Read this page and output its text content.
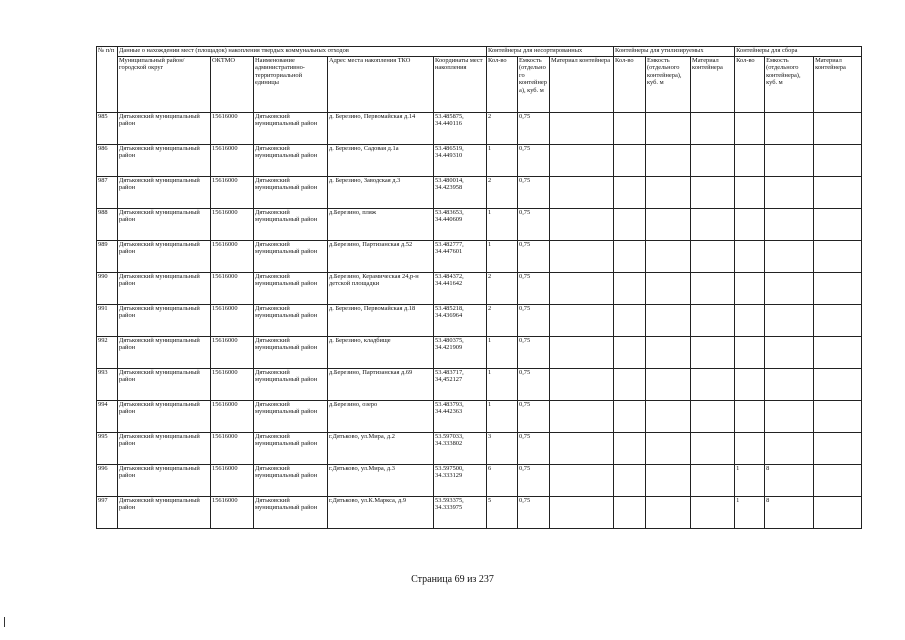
№ п/п	Данные о нахождении мест (площадок) накопления твердых коммунальных отходов					Контейнеры для несортированных			Контейнеры для утилизируемых			Контейнеры для сбора		
	Муниципальный район/городской округ	ОКТМО	Наименование административно-территориальной единицы	Адрес места накопления ТКО	Координаты мест накопления	Кол-во	Емкость (отдельного контейнера), куб. м	Материал контейнера	Кол-во	Емкость (отдельного контейнера), куб. м	Материал контейнера	Кол-во	Емкость (отдельного контейнера), куб. м	Материал контейнера
985	Дятьковский муниципальный район	15616000	Дятьковский муниципальный район	д. Березино, Первомайская д.14	53.485875, 34.440116	2	0,75							
986	Дятьковский муниципальный район	15616000	Дятьковский муниципальный район	д. Березино, Садовая д.1а	53.486519, 34.449310	1	0,75							
987	Дятьковский муниципальный район	15616000	Дятьковский муниципальный район	д. Березино, Заводская д.3	53.480014, 34.423958	2	0,75							
988	Дятьковский муниципальный район	15616000	Дятьковский муниципальный район	д.Березино, пляж	53.483653, 34.440609	1	0,75							
989	Дятьковский муниципальный район	15616000	Дятьковский муниципальный район	д.Березино, Партизанская д.52	53.482777, 34.447601	1	0,75							
990	Дятьковский муниципальный район	15616000	Дятьковский муниципальный район	д.Березино, Керамическая 24,р-н детской площадки	53.484372, 34.441642	2	0,75							
991	Дятьковский муниципальный район	15616000	Дятьковский муниципальный район	д. Березино, Первомайская д.18	53.485218, 34.436964	2	0,75							
992	Дятьковский муниципальный район	15616000	Дятьковский муниципальный район	д. Березино, кладбище	53.480375, 34.421909	1	0,75							
993	Дятьковский муниципальный район	15616000	Дятьковский муниципальный район	д.Березино, Партизанская д.69	53.483717, 34,452127	1	0,75							
994	Дятьковский муниципальный район	15616000	Дятьковский муниципальный район	д.Березино, озеро	53.483793, 34.442363	1	0,75							
995	Дятьковский муниципальный район	15616000	Дятьковский муниципальный район	г.Дятьково, ул.Мира, д.2	53.597033, 34.333802	3	0,75							
996	Дятьковский муниципальный район	15616000	Дятьковский муниципальный район	г.Дятьково, ул.Мира, д.3	53.597500, 34.333129	6	0,75					1	8	
997	Дятьковский муниципальный район	15616000	Дятьковский муниципальный район	г.Дятьково, ул.К.Маркса, д.9	53.593375, 34.333975	5	0,75					1	8	
Страница 69 из 237
